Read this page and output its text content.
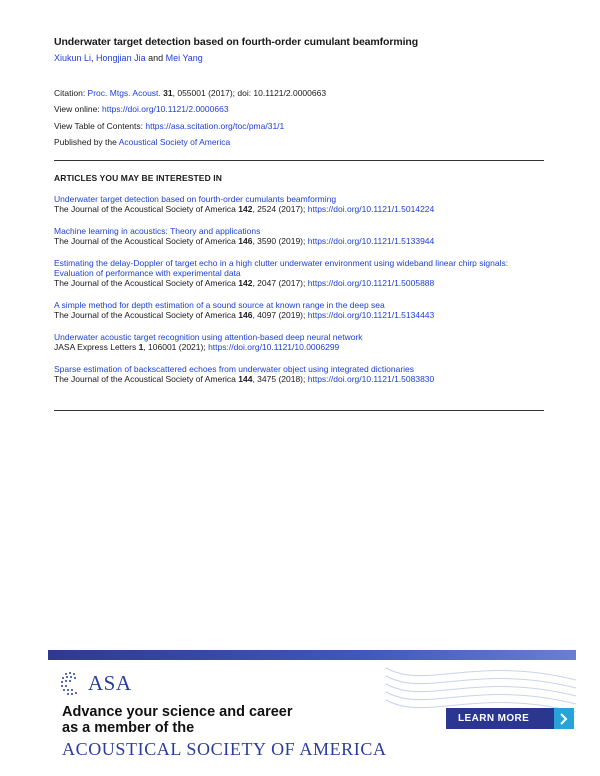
Underwater target detection based on fourth-order cumulant beamforming
Xiukun Li, Hongjian Jia and Mei Yang
Citation: Proc. Mtgs. Acoust. 31, 055001 (2017); doi: 10.1121/2.0000663
View online: https://doi.org/10.1121/2.0000663
View Table of Contents: https://asa.scitation.org/toc/pma/31/1
Published by the Acoustical Society of America
ARTICLES YOU MAY BE INTERESTED IN
Underwater target detection based on fourth-order cumulants beamforming
The Journal of the Acoustical Society of America 142, 2524 (2017); https://doi.org/10.1121/1.5014224
Machine learning in acoustics: Theory and applications
The Journal of the Acoustical Society of America 146, 3590 (2019); https://doi.org/10.1121/1.5133944
Estimating the delay-Doppler of target echo in a high clutter underwater environment using wideband linear chirp signals: Evaluation of performance with experimental data
The Journal of the Acoustical Society of America 142, 2047 (2017); https://doi.org/10.1121/1.5005888
A simple method for depth estimation of a sound source at known range in the deep sea
The Journal of the Acoustical Society of America 146, 4097 (2019); https://doi.org/10.1121/1.5134443
Underwater acoustic target recognition using attention-based deep neural network
JASA Express Letters 1, 106001 (2021); https://doi.org/10.1121/10.0006299
Sparse estimation of backscattered echoes from underwater object using integrated dictionaries
The Journal of the Acoustical Society of America 144, 3475 (2018); https://doi.org/10.1121/1.5083830
ASA
Advance your science and career
as a member of the
ACOUSTICAL SOCIETY OF AMERICA
LEARN MORE
